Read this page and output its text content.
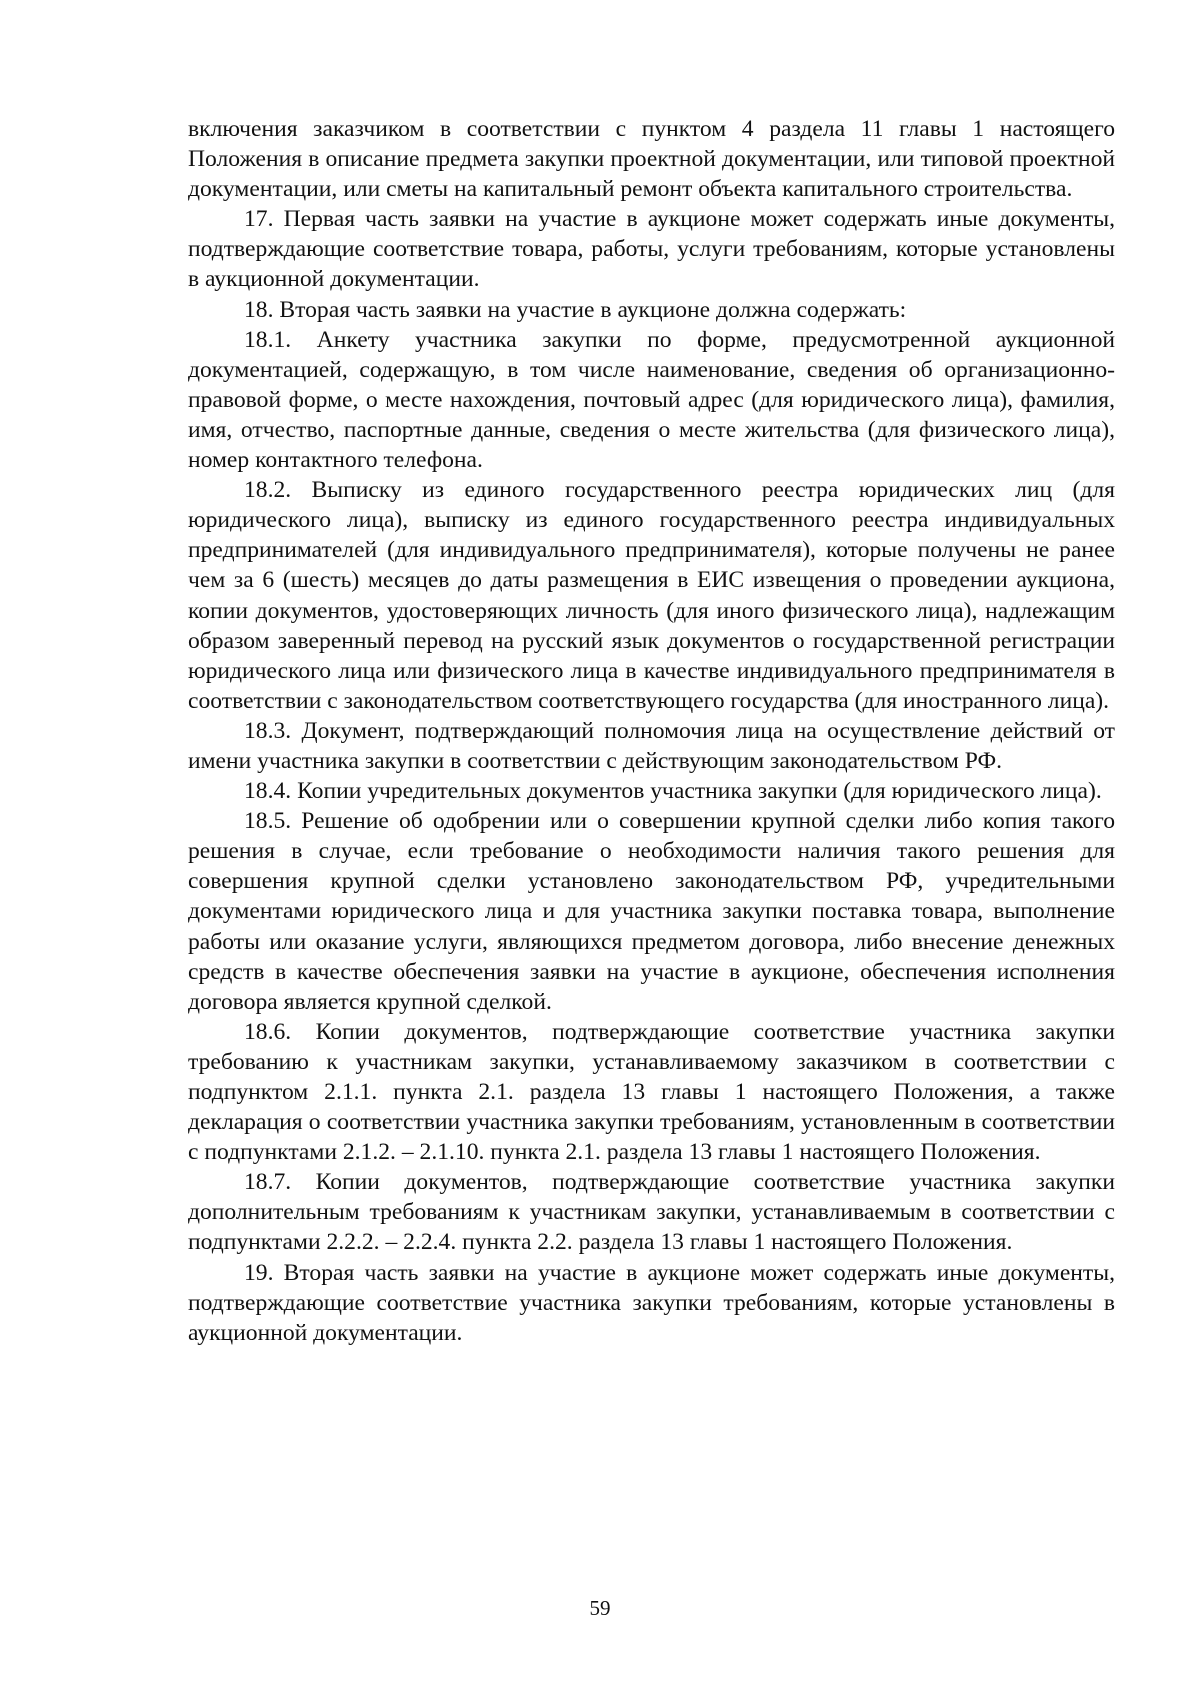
включения заказчиком в соответствии с пунктом 4 раздела 11 главы 1 настоящего Положения в описание предмета закупки проектной документации, или типовой проектной документации, или сметы на капитальный ремонт объекта капитального строительства.

17. Первая часть заявки на участие в аукционе может содержать иные документы, подтверждающие соответствие товара, работы, услуги требованиям, которые установлены в аукционной документации.

18. Вторая часть заявки на участие в аукционе должна содержать:

18.1. Анкету участника закупки по форме, предусмотренной аукционной документацией, содержащую, в том числе наименование, сведения об организационно-правовой форме, о месте нахождения, почтовый адрес (для юридического лица), фамилия, имя, отчество, паспортные данные, сведения о месте жительства (для физического лица), номер контактного телефона.

18.2. Выписку из единого государственного реестра юридических лиц (для юридического лица), выписку из единого государственного реестра индивидуальных предпринимателей (для индивидуального предпринимателя), которые получены не ранее чем за 6 (шесть) месяцев до даты размещения в ЕИС извещения о проведении аукциона, копии документов, удостоверяющих личность (для иного физического лица), надлежащим образом заверенный перевод на русский язык документов о государственной регистрации юридического лица или физического лица в качестве индивидуального предпринимателя в соответствии с законодательством соответствующего государства (для иностранного лица).

18.3. Документ, подтверждающий полномочия лица на осуществление действий от имени участника закупки в соответствии с действующим законодательством РФ.

18.4. Копии учредительных документов участника закупки (для юридического лица).

18.5. Решение об одобрении или о совершении крупной сделки либо копия такого решения в случае, если требование о необходимости наличия такого решения для совершения крупной сделки установлено законодательством РФ, учредительными документами юридического лица и для участника закупки поставка товара, выполнение работы или оказание услуги, являющихся предметом договора, либо внесение денежных средств в качестве обеспечения заявки на участие в аукционе, обеспечения исполнения договора является крупной сделкой.

18.6. Копии документов, подтверждающие соответствие участника закупки требованию к участникам закупки, устанавливаемому заказчиком в соответствии с подпунктом 2.1.1. пункта 2.1. раздела 13 главы 1 настоящего Положения, а также декларация о соответствии участника закупки требованиям, установленным в соответствии с подпунктами 2.1.2. – 2.1.10. пункта 2.1. раздела 13 главы 1 настоящего Положения.

18.7. Копии документов, подтверждающие соответствие участника закупки дополнительным требованиям к участникам закупки, устанавливаемым в соответствии с подпунктами 2.2.2. – 2.2.4. пункта 2.2. раздела 13 главы 1 настоящего Положения.

19. Вторая часть заявки на участие в аукционе может содержать иные документы, подтверждающие соответствие участника закупки требованиям, которые установлены в аукционной документации.

59
